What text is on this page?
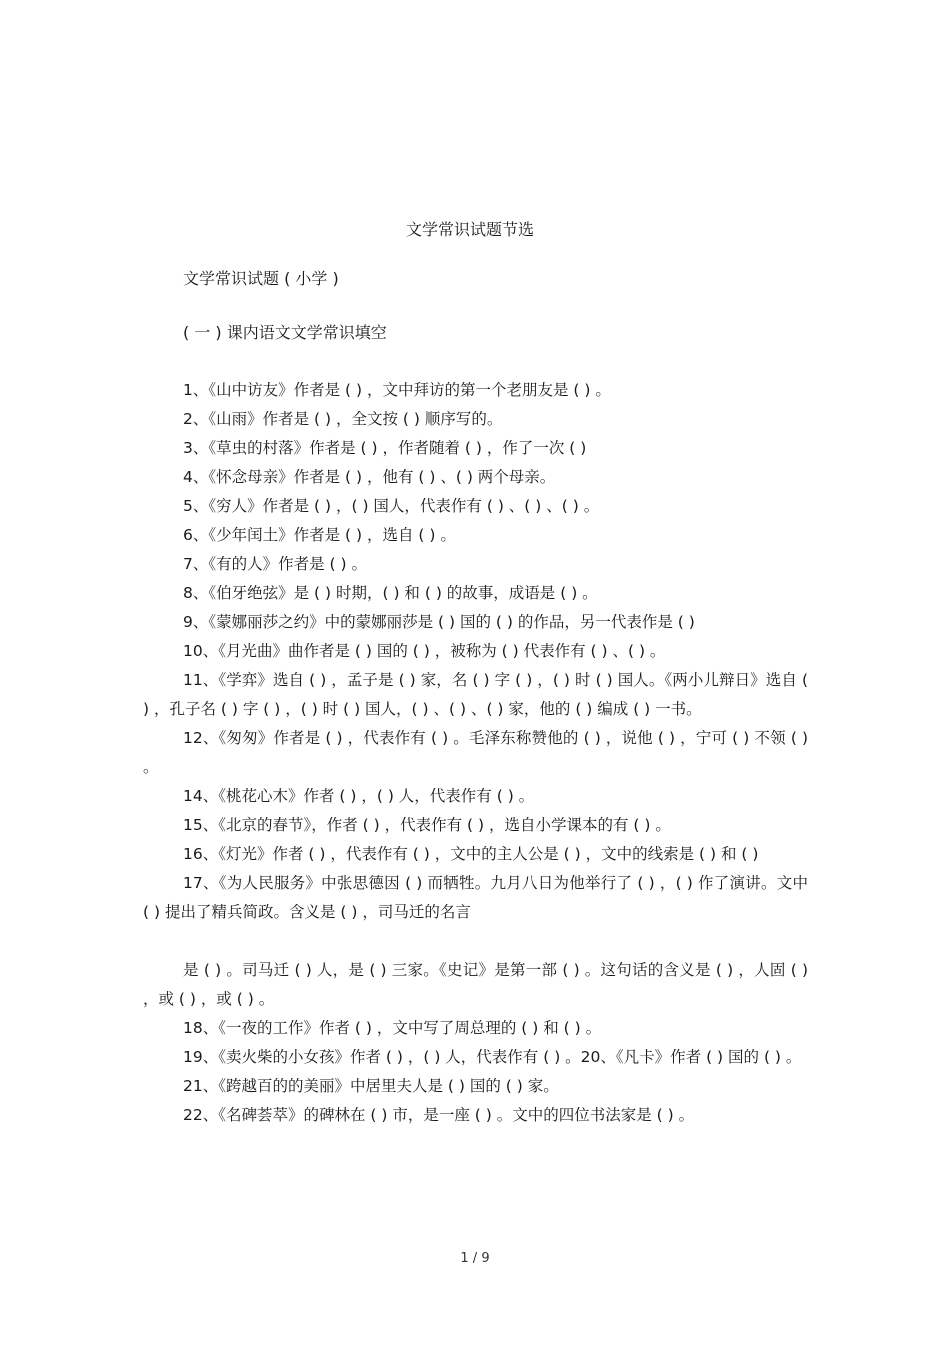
文学常识试题节选
文学常识试题 ( 小学 )
( 一 ) 课内语文文学常识填空

1、《山中访友》作者是 ( ) ，文中拜访的第一个老朋友是 ( ) 。

2、《山雨》作者是 ( ) ，全文按 ( ) 顺序写的。

3、《草虫的村落》作者是 ( ) ，作者随着 ( ) ，作了一次 ( )

4、《怀念母亲》作者是 ( ) ，他有 ( ) 、( ) 两个母亲。

5、《穷人》作者是 ( ) ，( ) 国人，代表作有 ( ) 、( ) 、( ) 。

6、《少年闰土》作者是 ( ) ，选自 ( ) 。

7、《有的人》作者是 ( ) 。

8、《伯牙绝弦》是 ( ) 时期，( ) 和 ( ) 的故事，成语是 ( ) 。

9、《蒙娜丽莎之约》中的蒙娜丽莎是 ( ) 国的 ( ) 的作品，另一代表作是 ( )

10、《月光曲》曲作者是 ( ) 国的 ( ) ，被称为 ( ) 代表作有 ( ) 、( ) 。

11、《学弈》选自 ( ) ，孟子是 ( ) 家，名 ( ) 字 ( ) ，( ) 时 ( ) 国人。《两小儿辩日》选自 ( ) ，孔子名 ( ) 字 ( ) ，( ) 时 ( ) 国人，( ) 、( ) 、( ) 家，他的 ( ) 编成 ( ) 一书。

12、《匆匆》作者是 ( ) ，代表作有 ( ) 。毛泽东称赞他的 ( ) ，说他 ( ) ，宁可 ( ) 不领 ( ) 。

14、《桃花心木》作者 ( ) ，( ) 人，代表作有 ( ) 。

15、《北京的春节》，作者 ( ) ，代表作有 ( ) ，选自小学课本的有 ( ) 。

16、《灯光》作者 ( ) ，代表作有 ( ) ，文中的主人公是 ( ) ，文中的线索是 ( ) 和 ( )

17、《为人民服务》中张思德因 ( ) 而牺牲。九月八日为他举行了 ( ) ，( ) 作了演讲。文中 ( ) 提出了精兵简政。含义是 ( ) ，司马迁的名言

是 ( ) 。司马迁 ( ) 人，是 ( ) 三家。《史记》是第一部 ( ) 。这句话的含义是 ( ) ，人固 ( ) ，或 ( ) ，或 ( ) 。

18、《一夜的工作》作者 ( ) ，文中写了周总理的 ( ) 和 ( ) 。

19、《卖火柴的小女孩》作者 ( ) ，( ) 人，代表作有 ( ) 。20、《凡卡》作者 ( ) 国的 ( ) 。

21、《跨越百的的美丽》中居里夫人是 ( ) 国的 ( ) 家。

22、《名碑荟萃》的碑林在 ( ) 市，是一座 ( ) 。文中的四位书法家是 ( ) 。

1 / 9
